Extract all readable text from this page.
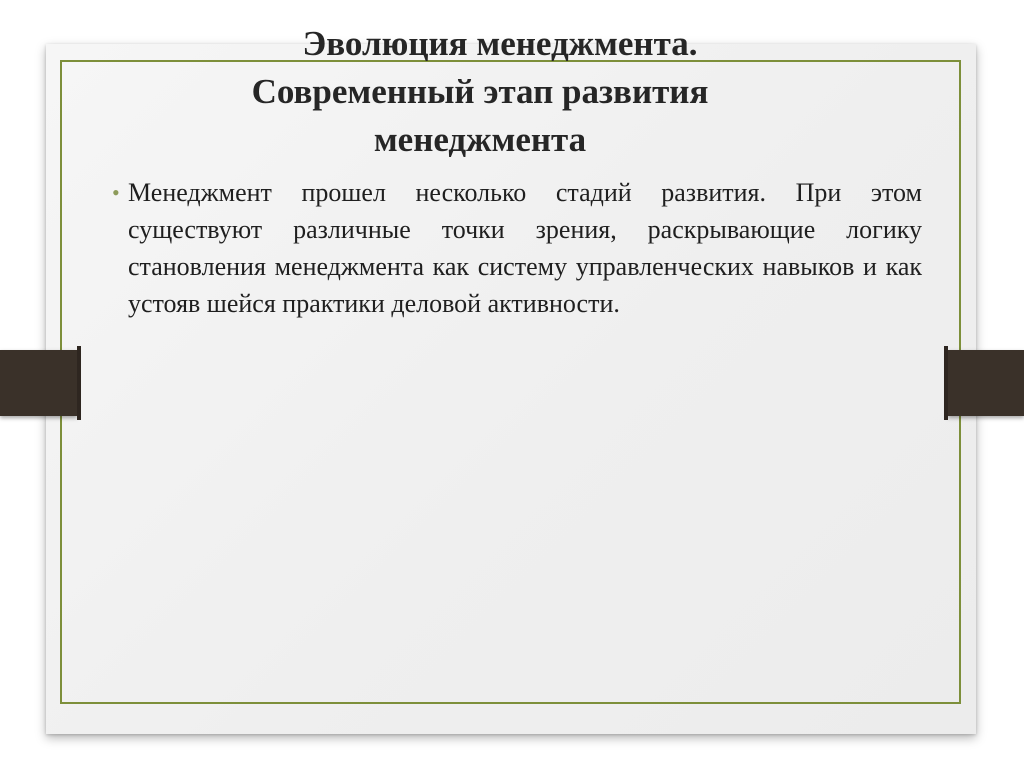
Эволюция менеджмента.
Современный этап развития
менеджмента
• Менеджмент прошел несколько стадий развития. При этом существуют различные точки зрения, раскрывающие логику становления менеджмента как систему управленческих навыков и как устояв шейся практики деловой активности.
